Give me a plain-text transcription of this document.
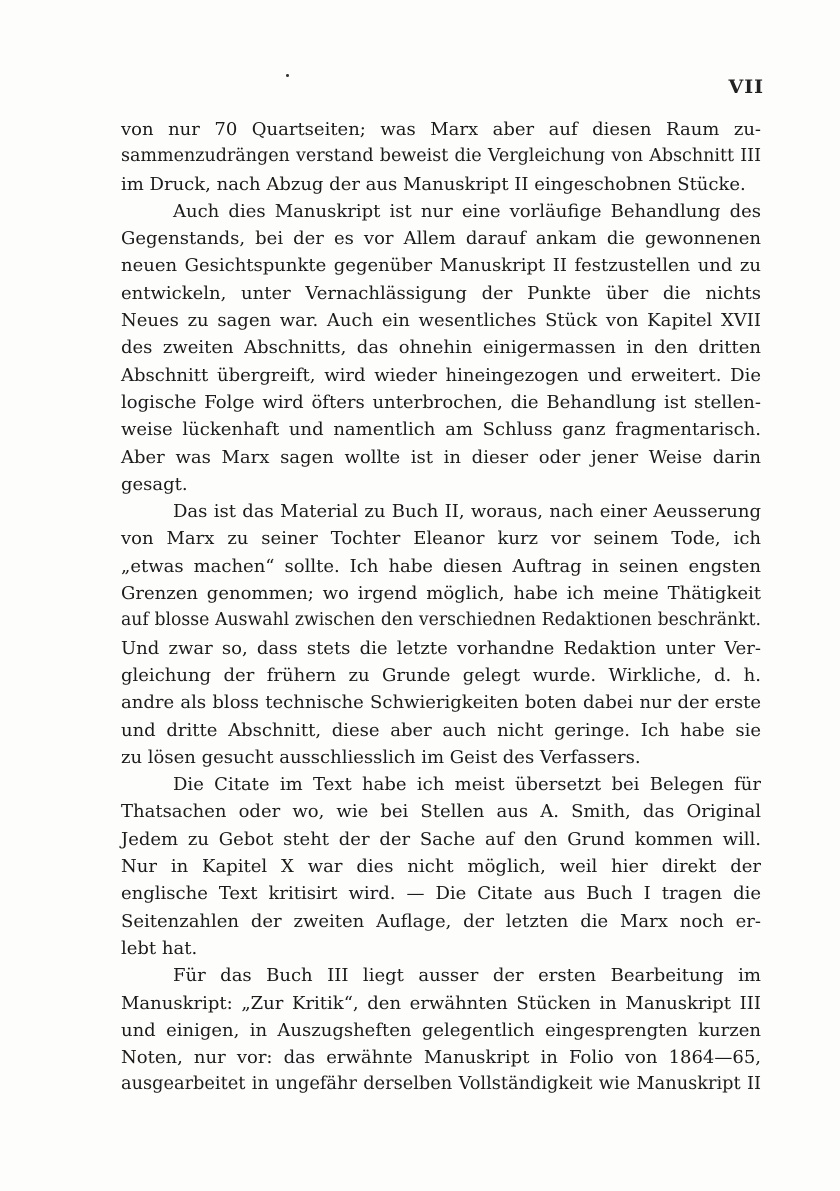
VII
von nur 70 Quartseiten; was Marx aber auf diesen Raum zu-
sammenzudrängen verstand beweist die Vergleichung von Abschnitt III
im Druck, nach Abzug der aus Manuskript II eingeschobnen Stücke.
Auch dies Manuskript ist nur eine vorläufige Behandlung des
Gegenstands, bei der es vor Allem darauf ankam die gewonnenen
neuen Gesichtspunkte gegenüber Manuskript II festzustellen und zu
entwickeln, unter Vernachlässigung der Punkte über die nichts
Neues zu sagen war. Auch ein wesentliches Stück von Kapitel XVII
des zweiten Abschnitts, das ohnehin einigermassen in den dritten
Abschnitt übergreift, wird wieder hineingezogen und erweitert. Die
logische Folge wird öfters unterbrochen, die Behandlung ist stellen-
weise lückenhaft und namentlich am Schluss ganz fragmentarisch.
Aber was Marx sagen wollte ist in dieser oder jener Weise darin
gesagt.
Das ist das Material zu Buch II, woraus, nach einer Aeusserung
von Marx zu seiner Tochter Eleanor kurz vor seinem Tode, ich
„etwas machen“ sollte. Ich habe diesen Auftrag in seinen engsten
Grenzen genommen; wo irgend möglich, habe ich meine Thätigkeit
auf blosse Auswahl zwischen den verschiednen Redaktionen beschränkt.
Und zwar so, dass stets die letzte vorhandne Redaktion unter Ver-
gleichung der frühern zu Grunde gelegt wurde. Wirkliche, d. h.
andre als bloss technische Schwierigkeiten boten dabei nur der erste
und dritte Abschnitt, diese aber auch nicht geringe. Ich habe sie
zu lösen gesucht ausschliesslich im Geist des Verfassers.
Die Citate im Text habe ich meist übersetzt bei Belegen für
Thatsachen oder wo, wie bei Stellen aus A. Smith, das Original
Jedem zu Gebot steht der der Sache auf den Grund kommen will.
Nur in Kapitel X war dies nicht möglich, weil hier direkt der
englische Text kritisirt wird. — Die Citate aus Buch I tragen die
Seitenzahlen der zweiten Auflage, der letzten die Marx noch er-
lebt hat.
Für das Buch III liegt ausser der ersten Bearbeitung im
Manuskript: „Zur Kritik“, den erwähnten Stücken in Manuskript III
und einigen, in Auszugsheften gelegentlich eingesprengten kurzen
Noten, nur vor: das erwähnte Manuskript in Folio von 1864—65,
ausgearbeitet in ungefähr derselben Vollständigkeit wie Manuskript II
